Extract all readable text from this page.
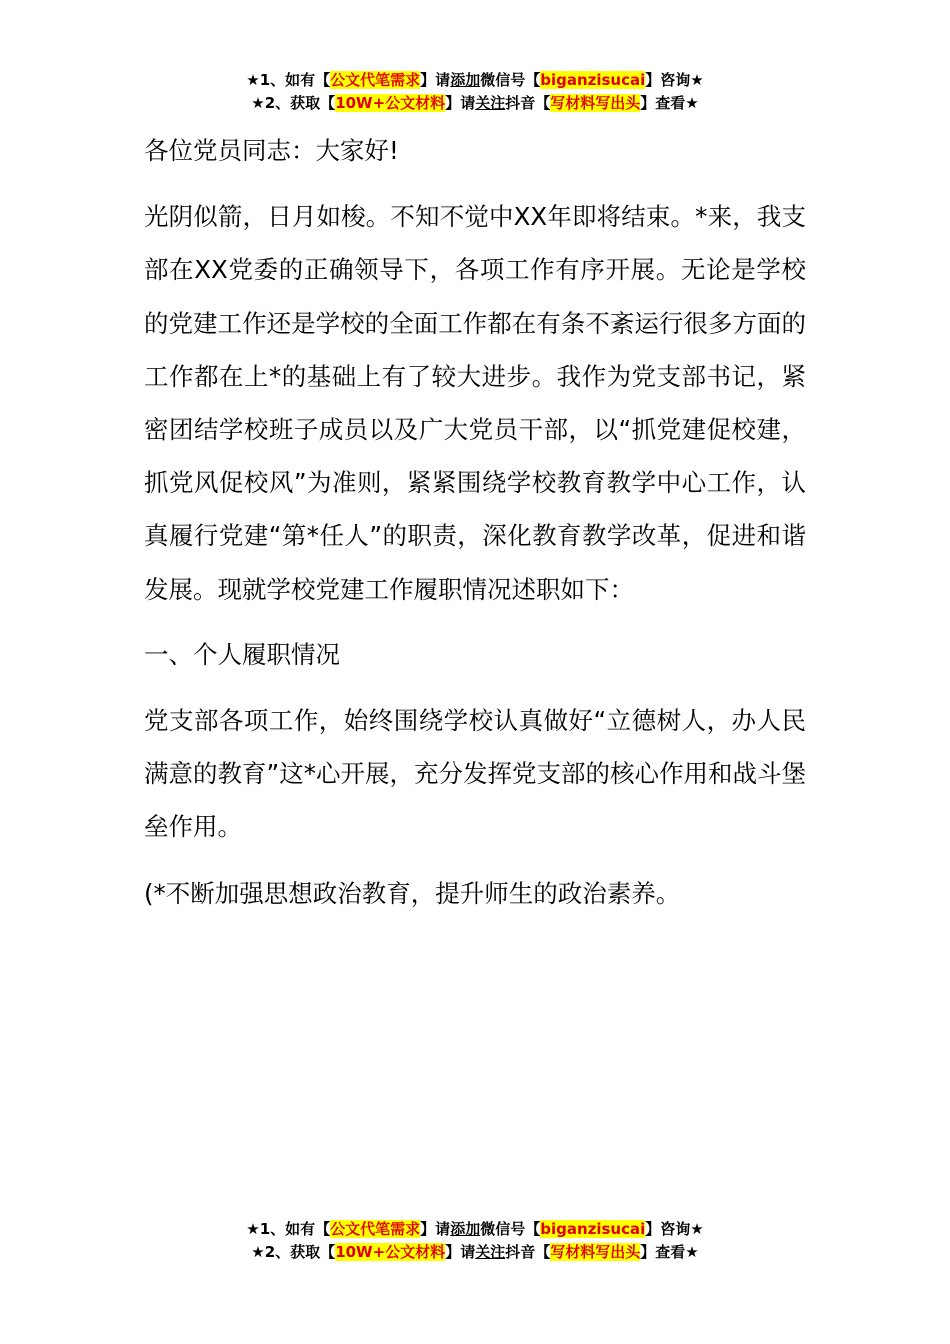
★1、如有【公文代笔需求】请添加微信号【biganzisucai】咨询★
★2、获取【10W+公文材料】请关注抖音【写材料写出头】查看★

各位党员同志：大家好!

光阴似箭，日月如梭。不知不觉中XX年即将结束。*来，我支部在XX党委的正确领导下，各项工作有序开展。无论是学校的党建工作还是学校的全面工作都在有条不紊运行很多方面的工作都在上*的基础上有了较大进步。我作为党支部书记，紧密团结学校班子成员以及广大党员干部，以“抓党建促校建，抓党风促校风”为准则，紧紧围绕学校教育教学中心工作，认真履行党建“第*任人”的职责，深化教育教学改革，促进和谐发展。现就学校党建工作履职情况述职如下：

一、个人履职情况

党支部各项工作，始终围绕学校认真做好“立德树人，办人民满意的教育”这*心开展，充分发挥党支部的核心作用和战斗堡垒作用。

(*不断加强思想政治教育，提升师生的政治素养。

★1、如有【公文代笔需求】请添加微信号【biganzisucai】咨询★
★2、获取【10W+公文材料】请关注抖音【写材料写出头】查看★
